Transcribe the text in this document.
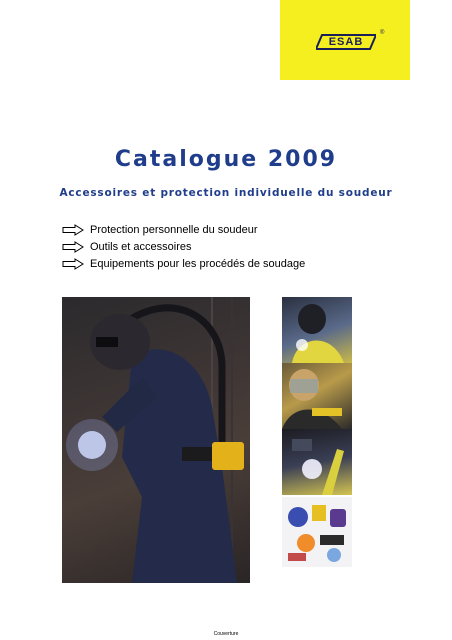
ESAB
®
Catalogue 2009
Accessoires et protection individuelle du soudeur
Protection personnelle du soudeur
Outils et accessoires
Equipements pour les procédés de soudage
Couverture
